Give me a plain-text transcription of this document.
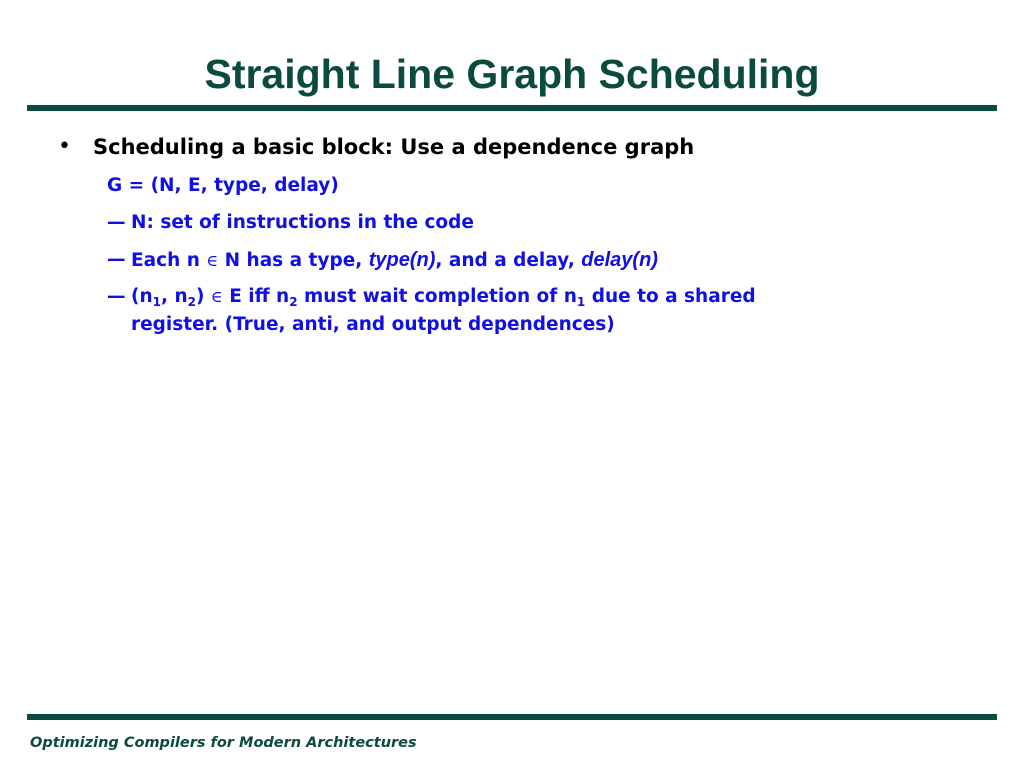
Straight Line Graph Scheduling
• Scheduling a basic block: Use a dependence graph
G = (N, E, type, delay)
— N: set of instructions in the code
— Each n ∈ N has a type, type(n), and a delay, delay(n)
— ($n_1$, $n_2$) ∈ E iff $n_2$ must wait completion of $n_1$ due to a shared
register. (True, anti, and output dependences)
Optimizing Compilers for Modern Architectures
